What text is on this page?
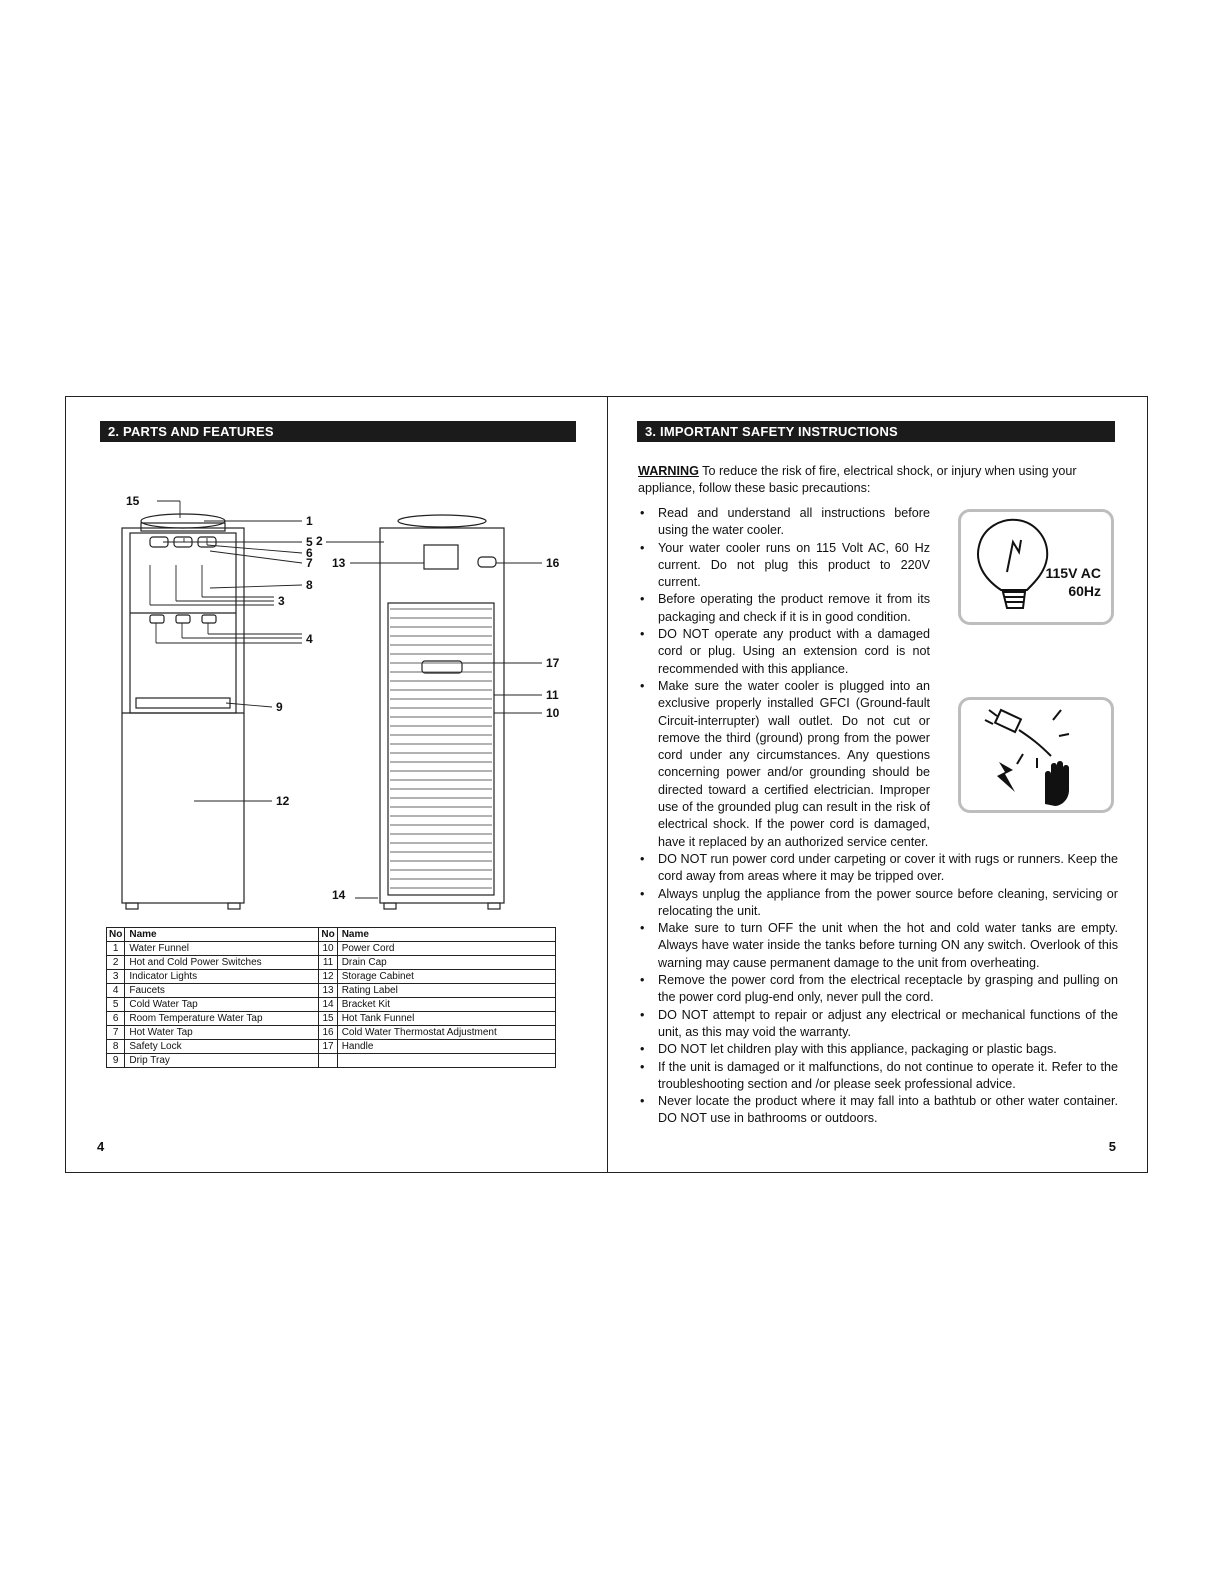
2. PARTS AND FEATURES
1
2
3
4
5
6
7
8
9	10
11
12
13
14
15
16
17
No	Name	No	Name
1	Water Funnel	10	Power Cord
2	Hot and Cold Power Switches	11	Drain Cap
3	Indicator Lights	12	Storage Cabinet
4	Faucets	13	Rating Label
5	Cold Water Tap	14	Bracket Kit
6	Room Temperature Water Tap	15	Hot Tank Funnel
7	Hot Water Tap	16	Cold Water Thermostat Adjustment
8	Safety Lock	17	Handle
9	Drip Tray		
4
3. IMPORTANT SAFETY INSTRUCTIONS
WARNING To reduce the risk of fire, electrical shock, or injury when using your appliance, follow these basic precautions:
• Read and understand all instructions before using the water cooler.
• Your water cooler runs on 115 Volt AC, 60 Hz current. Do not plug this product to 220V current.
• Before operating the product remove it from its packaging and check if it is in good condition.
• DO NOT operate any product with a damaged cord or plug. Using an extension cord is not recommended with this appliance.
• Make sure the water cooler is plugged into an exclusive properly installed GFCI (Ground-fault Circuit-interrupter) wall outlet. Do not cut or remove the third (ground) prong from the power cord under any circumstances. Any questions concerning power and/or grounding should be directed toward a certified electrician. Improper use of the grounded plug can result in the risk of electrical shock. If the power cord is damaged, have it replaced by an authorized service center.
• DO NOT run power cord under carpeting or cover it with rugs or runners. Keep the cord away from areas where it may be tripped over.
• Always unplug the appliance from the power source before cleaning, servicing or relocating the unit.
• Make sure to turn OFF the unit when the hot and cold water tanks are empty. Always have water inside the tanks before turning ON any switch. Overlook of this warning may cause permanent damage to the unit from overheating.
• Remove the power cord from the electrical receptacle by grasping and pulling on the power cord plug-end only, never pull the cord.
• DO NOT attempt to repair or adjust any electrical or mechanical functions of the unit, as this may void the warranty.
• DO NOT let children play with this appliance, packaging or plastic bags.
• If the unit is damaged or it malfunctions, do not continue to operate it. Refer to the troubleshooting section and /or please seek professional advice.
• Never locate the product where it may fall into a bathtub or other water container. DO NOT use in bathrooms or outdoors.
115V AC
60Hz
5
